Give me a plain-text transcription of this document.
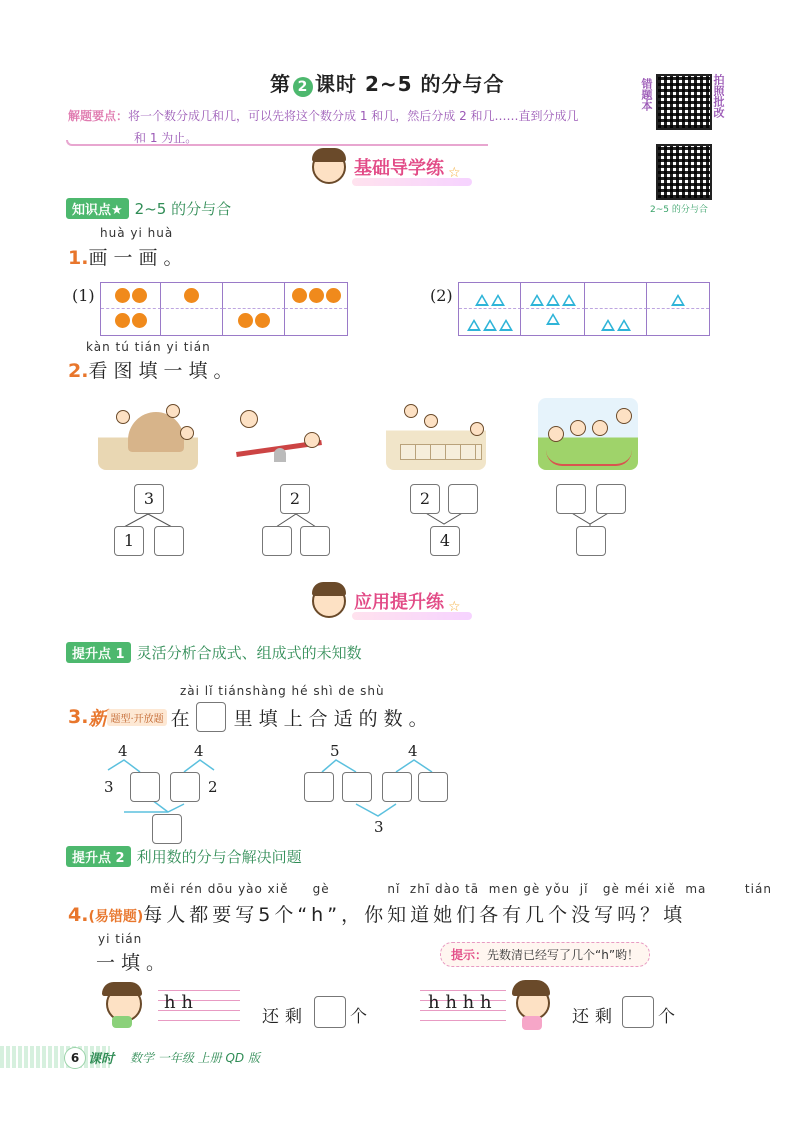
第 2 课时 2~5 的分与合
解题要点：将一个数分成几和几，可以先将这个数分成 1 和几，然后分成 2 和几……直到分成几
和 1 为止。
错题本	拍照批改
2~5 的分与合
基础导学练 ☆
知识点★ 2~5 的分与合
huà yi huà
1.画一画。
(1)	(2)
kàn tú tián yi tián
2.看图填一填。
3
1
2	2
4
应用提升练 ☆
提升点 1 灵活分析合成式、组成式的未知数
zài lǐ tiánshàng hé shì de shù
3. 新 题型·开放题 在 里填上合适的数。
4	4
3	2
5	4
3
提升点 2 利用数的分与合解决问题
měi rén dōu yào xiě     gè            nǐ  zhī dào tā  men gè yǒu  jǐ   gè méi xiě  ma        tián
4.(易错题)每人都要写5个“h”，你知道她们各有几个没写吗？填
yi tián
一填。	提示：先数清已经写了几个“h”哟！
h h
还剩 个
h h h h
还剩 个
6 课时 数学 一年级 上册 QD 版
